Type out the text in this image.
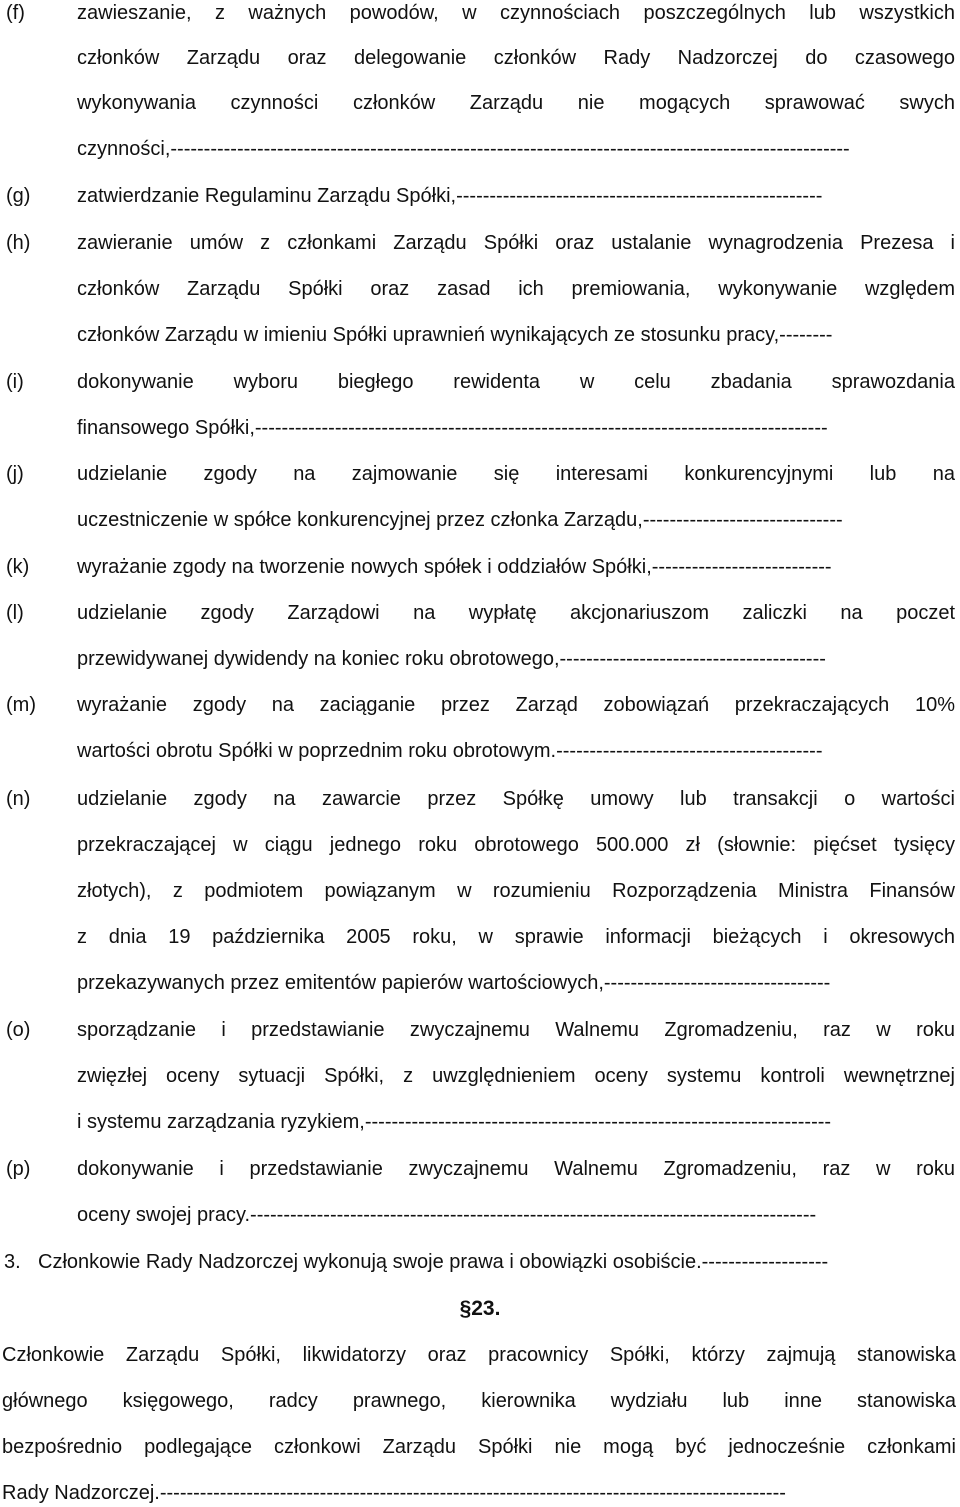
(f)	zawieszanie, z ważnych powodów, w czynnościach poszczególnych lub wszystkich
członków Zarządu oraz delegowanie członków Rady Nadzorczej do czasowego
wykonywania czynności członków Zarządu nie mogących sprawować swych
czynności,------------------------------------------------------------------------------------------------------
(g) zatwierdzanie Regulaminu Zarządu Spółki,-------------------------------------------------------
(h) zawieranie umów z członkami Zarządu Spółki oraz ustalanie wynagrodzenia Prezesa i
członków Zarządu Spółki oraz zasad ich premiowania, wykonywanie względem
członków Zarządu w imieniu Spółki uprawnień wynikających ze stosunku pracy,--------
(i)	dokonywanie wyboru biegłego rewidenta w celu zbadania sprawozdania
finansowego Spółki,--------------------------------------------------------------------------------------
(j)	udzielanie zgody na zajmowanie się interesami konkurencyjnymi lub na
uczestniczenie w spółce konkurencyjnej przez członka Zarządu,------------------------------
(k) wyrażanie zgody na tworzenie nowych spółek i oddziałów Spółki,---------------------------
(l)	udzielanie zgody Zarządowi na wypłatę akcjonariuszom zaliczki na poczet
przewidywanej dywidendy na koniec roku obrotowego,----------------------------------------
(m) wyrażanie zgody na zaciąganie przez Zarząd zobowiązań przekraczających 10%
wartości obrotu Spółki w poprzednim roku obrotowym.----------------------------------------
(n) udzielanie zgody na zawarcie przez Spółkę umowy lub transakcji o wartości
przekraczającej w ciągu jednego roku obrotowego 500.000 zł (słownie: pięćset tysięcy
złotych), z podmiotem powiązanym w rozumieniu Rozporządzenia Ministra Finansów
z dnia 19 października 2005 roku, w sprawie informacji bieżących i okresowych
przekazywanych przez emitentów papierów wartościowych,----------------------------------
(o) sporządzanie i przedstawianie zwyczajnemu Walnemu Zgromadzeniu, raz w roku
zwięzłej oceny sytuacji Spółki, z uwzględnieniem oceny systemu kontroli wewnętrznej
i systemu zarządzania ryzykiem,----------------------------------------------------------------------
(p) dokonywanie i przedstawianie zwyczajnemu Walnemu Zgromadzeniu, raz w roku
oceny swojej pracy.-------------------------------------------------------------------------------------
3. Członkowie Rady Nadzorczej wykonują swoje prawa i obowiązki osobiście.-------------------
§23.
Członkowie Zarządu Spółki, likwidatorzy oraz pracownicy Spółki, którzy zajmują stanowiska
głównego księgowego, radcy prawnego, kierownika wydziału lub inne stanowiska
bezpośrednio podlegające członkowi Zarządu Spółki nie mogą być jednocześnie członkami
Rady Nadzorczej.----------------------------------------------------------------------------------------------
